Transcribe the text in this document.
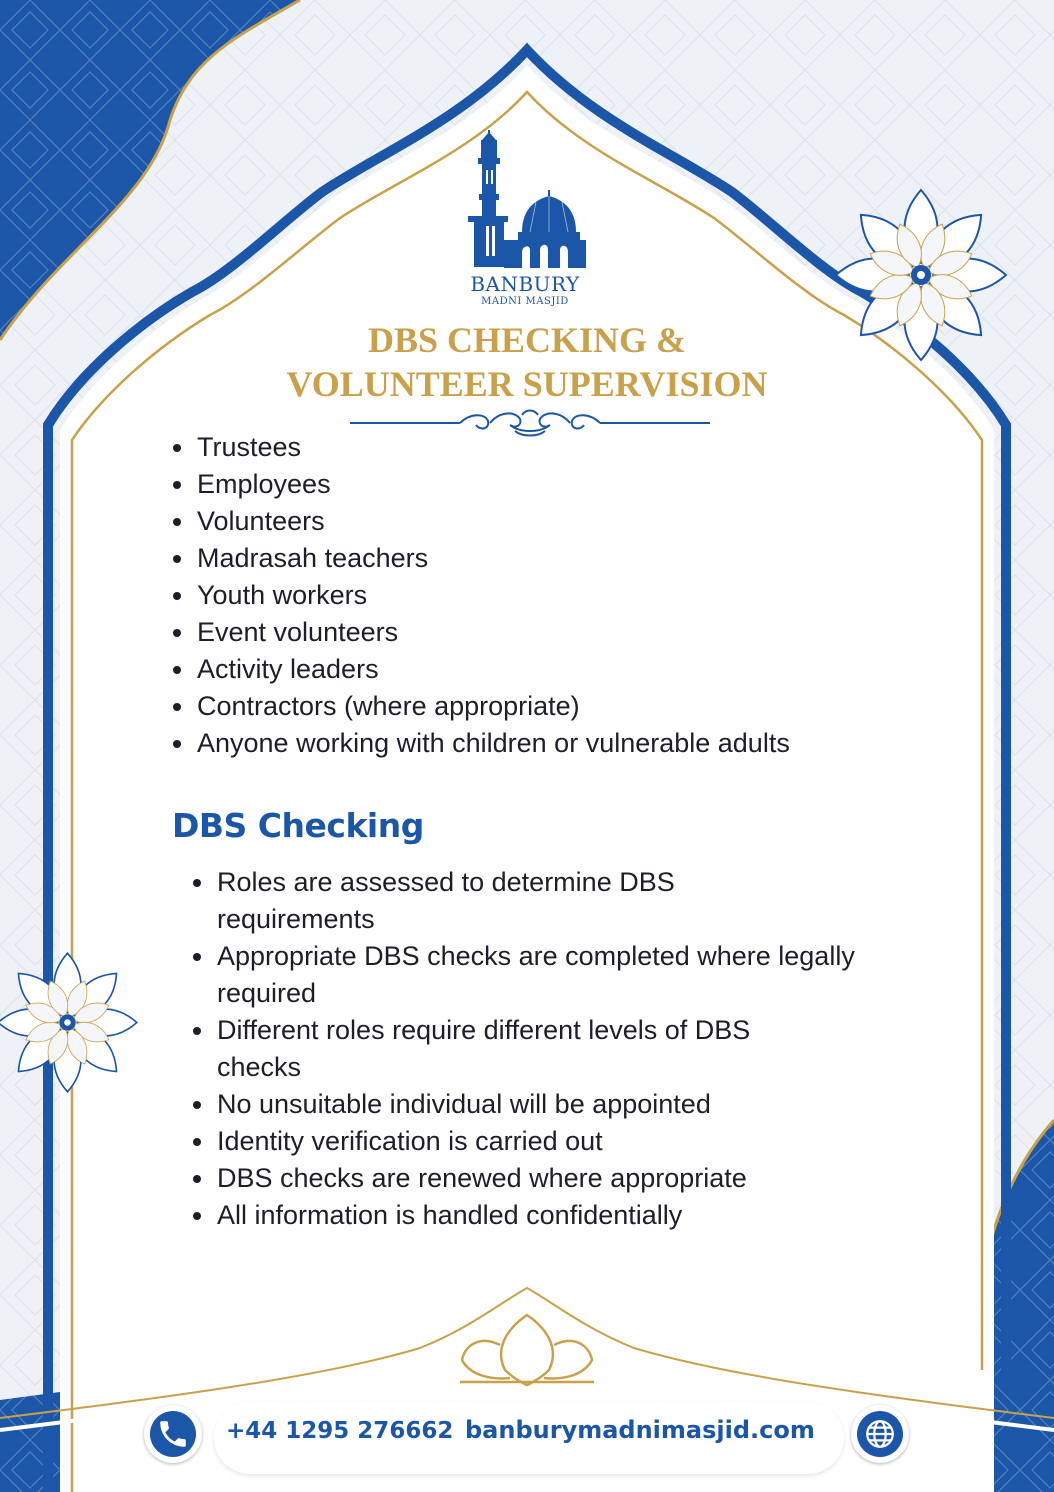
BANBURY
MADNI MASJID
DBS CHECKING &
VOLUNTEER SUPERVISION
Trustees
Employees
Volunteers
Madrasah teachers
Youth workers
Event volunteers
Activity leaders
Contractors (where appropriate)
Anyone working with children or vulnerable adults
DBS Checking
Roles are assessed to determine DBS requirements
Appropriate DBS checks are completed where legally required
Different roles require different levels of DBS checks
No unsuitable individual will be appointed
Identity verification is carried out
DBS checks are renewed where appropriate
All information is handled confidentially
+44 1295 276662 banburymadnimasjid.com
